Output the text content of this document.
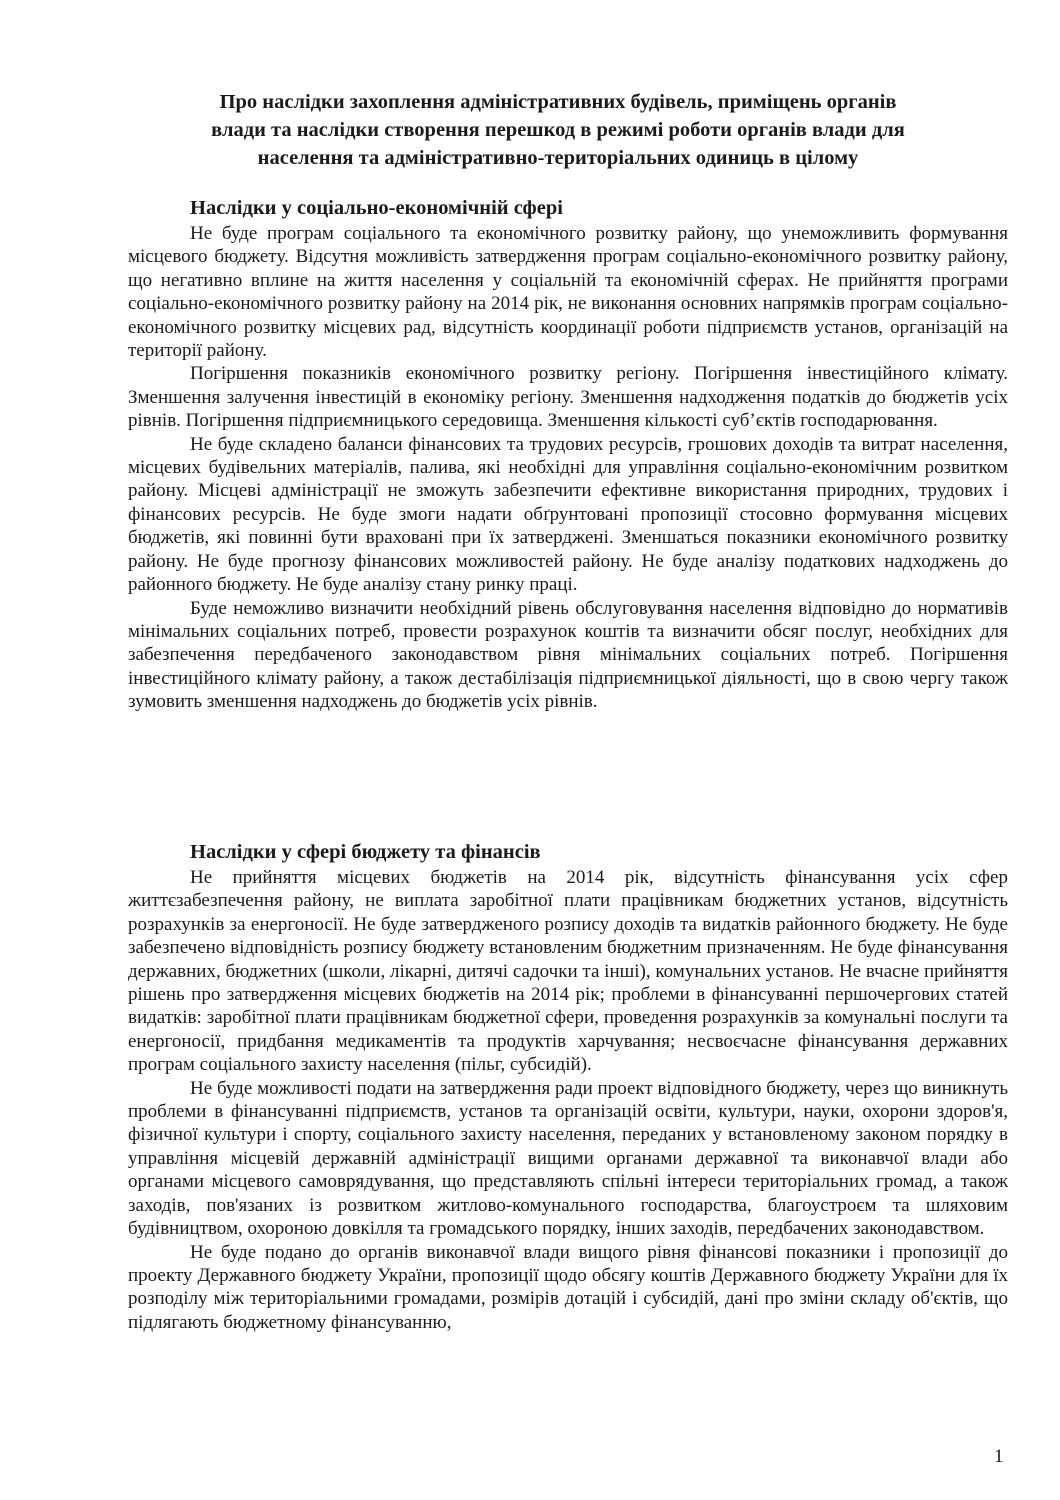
Про наслідки захоплення адміністративних будівель, приміщень органів
влади та наслідки створення перешкод в режимі роботи органів влади для
населення та адміністративно-територіальних одиниць в цілому
Наслідки у соціально-економічній сфері

Не буде програм соціального та економічного розвитку району, що унеможливить формування місцевого бюджету. Відсутня можливість затвердження програм соціально-економічного розвитку району, що негативно вплине на життя населення у соціальній та економічній сферах. Не прийняття програми соціально-економічного розвитку району на 2014 рік, не виконання основних напрямків програм соціально-економічного розвитку місцевих рад, відсутність координації роботи підприємств установ, організацій на території району.

Погіршення показників економічного розвитку регіону. Погіршення інвестиційного клімату. Зменшення залучення інвестицій в економіку регіону. Зменшення надходження податків до бюджетів усіх рівнів. Погіршення підприємницького середовища. Зменшення кількості суб’єктів господарювання.

Не буде складено баланси фінансових та трудових ресурсів, грошових доходів та витрат населення, місцевих будівельних матеріалів, палива, які необхідні для управління соціально-економічним розвитком району. Місцеві адміністрації не зможуть забезпечити ефективне використання природних, трудових і фінансових ресурсів. Не буде змоги надати обґрунтовані пропозиції стосовно формування місцевих бюджетів, які повинні бути враховані при їх затверджені. Зменшаться показники економічного розвитку району. Не буде прогнозу фінансових можливостей району. Не буде аналізу податкових надходжень до районного бюджету. Не буде аналізу стану ринку праці.

Буде неможливо визначити необхідний рівень обслуговування населення відповідно до нормативів мінімальних соціальних потреб, провести розрахунок коштів та визначити обсяг послуг, необхідних для забезпечення передбаченого законодавством рівня мінімальних соціальних потреб. Погіршення інвестиційного клімату району, а також дестабілізація підприємницької діяльності, що в свою чергу також зумовить зменшення надходжень до бюджетів усіх рівнів.

Наслідки у сфері бюджету та фінансів

Не прийняття місцевих бюджетів на 2014 рік, відсутність фінансування усіх сфер життєзабезпечення району, не виплата заробітної плати працівникам бюджетних установ, відсутність розрахунків за енергоносії. Не буде затвердженого розпису доходів та видатків районного бюджету. Не буде забезпечено відповідність розпису бюджету встановленим бюджетним призначенням. Не буде фінансування державних, бюджетних (школи, лікарні, дитячі садочки та інші), комунальних установ. Не вчасне прийняття рішень про затвердження місцевих бюджетів на 2014 рік; проблеми в фінансуванні першочергових статей видатків: заробітної плати працівникам бюджетної сфери, проведення розрахунків за комунальні послуги та енергоносії, придбання медикаментів та продуктів харчування; несвоєчасне фінансування державних програм соціального захисту населення (пільг, субсидій).

Не буде можливості подати на затвердження ради проект відповідного бюджету, через що виникнуть проблеми в фінансуванні підприємств, установ та організацій освіти, культури, науки, охорони здоров'я, фізичної культури і спорту, соціального захисту населення, переданих у встановленому законом порядку в управління місцевій державній адміністрації вищими органами державної та виконавчої влади або органами місцевого самоврядування, що представляють спільні інтереси територіальних громад, а також заходів, пов'язаних із розвитком житлово-комунального господарства, благоустроєм та шляховим будівництвом, охороною довкілля та громадського порядку, інших заходів, передбачених законодавством.

Не буде подано до органів виконавчої влади вищого рівня фінансові показники і пропозиції до проекту Державного бюджету України, пропозиції щодо обсягу коштів Державного бюджету України для їх розподілу між територіальними громадами, розмірів дотацій і субсидій, дані про зміни складу об'єктів, що підлягають бюджетному фінансуванню,

1
